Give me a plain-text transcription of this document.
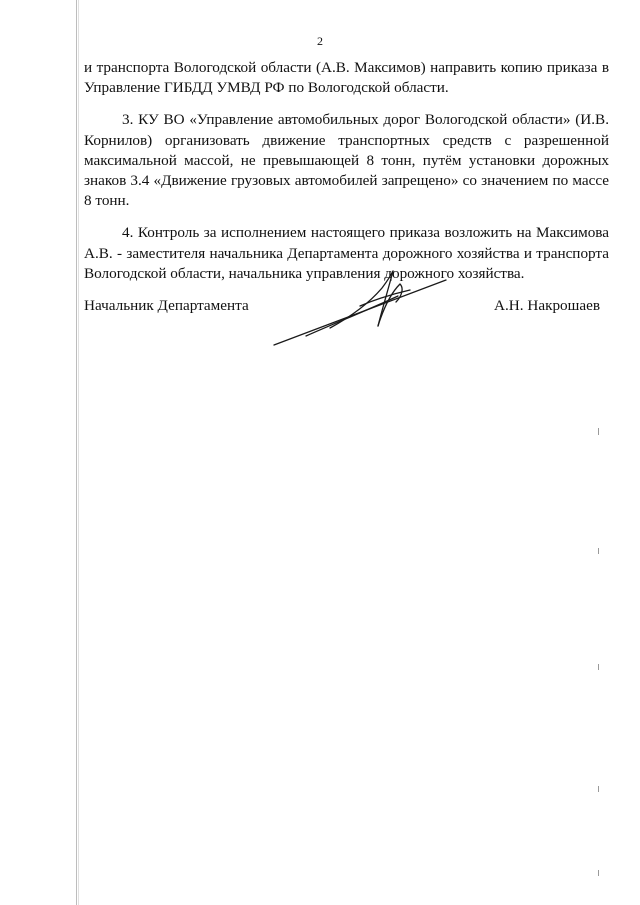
2

и транспорта Вологодской области (А.В. Максимов) направить копию приказа в Управление ГИБДД УМВД РФ по Вологодской области.

3. КУ ВО «Управление автомобильных дорог Вологодской области» (И.В. Корнилов) организовать движение транспортных средств с разрешенной максимальной массой, не превышающей 8 тонн, путём установки дорожных знаков 3.4 «Движение грузовых автомобилей запрещено» со значением по массе 8 тонн.

4. Контроль за исполнением настоящего приказа возложить на Максимова А.В. - заместителя начальника Департамента дорожного хозяйства и транспорта Вологодской области, начальника управления дорожного хозяйства.

Начальник Департамента	А.Н. Накрошаев
